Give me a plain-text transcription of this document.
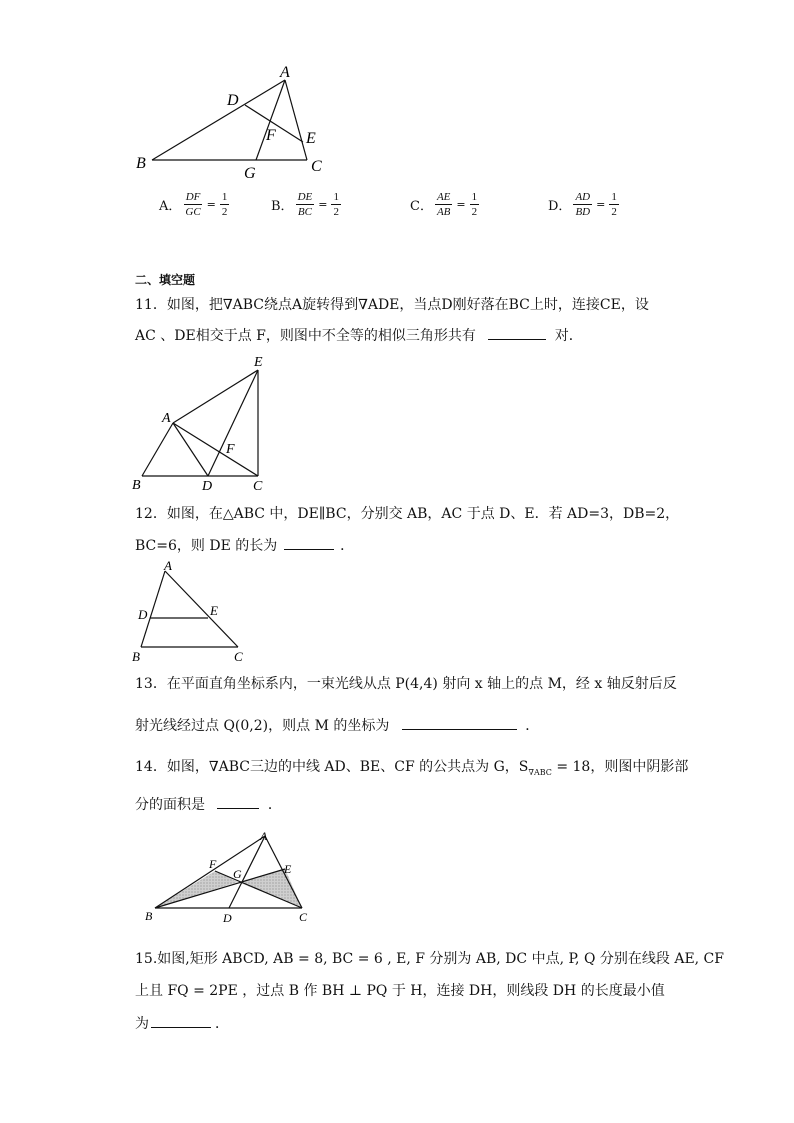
A
D
E
F
B
G	C
A． $\frac{DF}{GC} = \frac{1}{2}$	B． $\frac{DE}{BC} = \frac{1}{2}$	C． $\frac{AE}{AB} = \frac{1}{2}$	D． $\frac{AD}{BD} = \frac{1}{2}$
二、填空题
11．如图，把∇ABC绕点A旋转得到∇ADE，当点D刚好落在BC上时，连接CE，设
AC 、DE相交于点 F，则图中不全等的相似三角形共有	对．
E
A
F
B	D	C
12．如图，在△ABC 中，DE∥BC，分别交 AB，AC 于点 D、E．若 AD=3，DB=2，
BC=6，则 DE 的长为	．
A
D	E
B	C
13．在平面直角坐标系内，一束光线从点 P(4,4) 射向 x 轴上的点 M，经 x 轴反射后反
射光线经过点 Q(0,2)，则点 M 的坐标为	．
14．如图，∇ABC三边的中线 AD、BE、CF 的公共点为 G，$S_{\nabla ABC} = 18$，则图中阴影部
分的面积是	．
A
F	E
G
B	D	C
15.如图,矩形 ABCD, AB = 8, BC = 6 , E, F 分别为 AB, DC 中点, P, Q 分别在线段 AE, CF
上且 FQ = 2PE ，过点 B 作 BH ⊥ PQ 于 H，连接 DH，则线段 DH 的长度最小值
为	．
